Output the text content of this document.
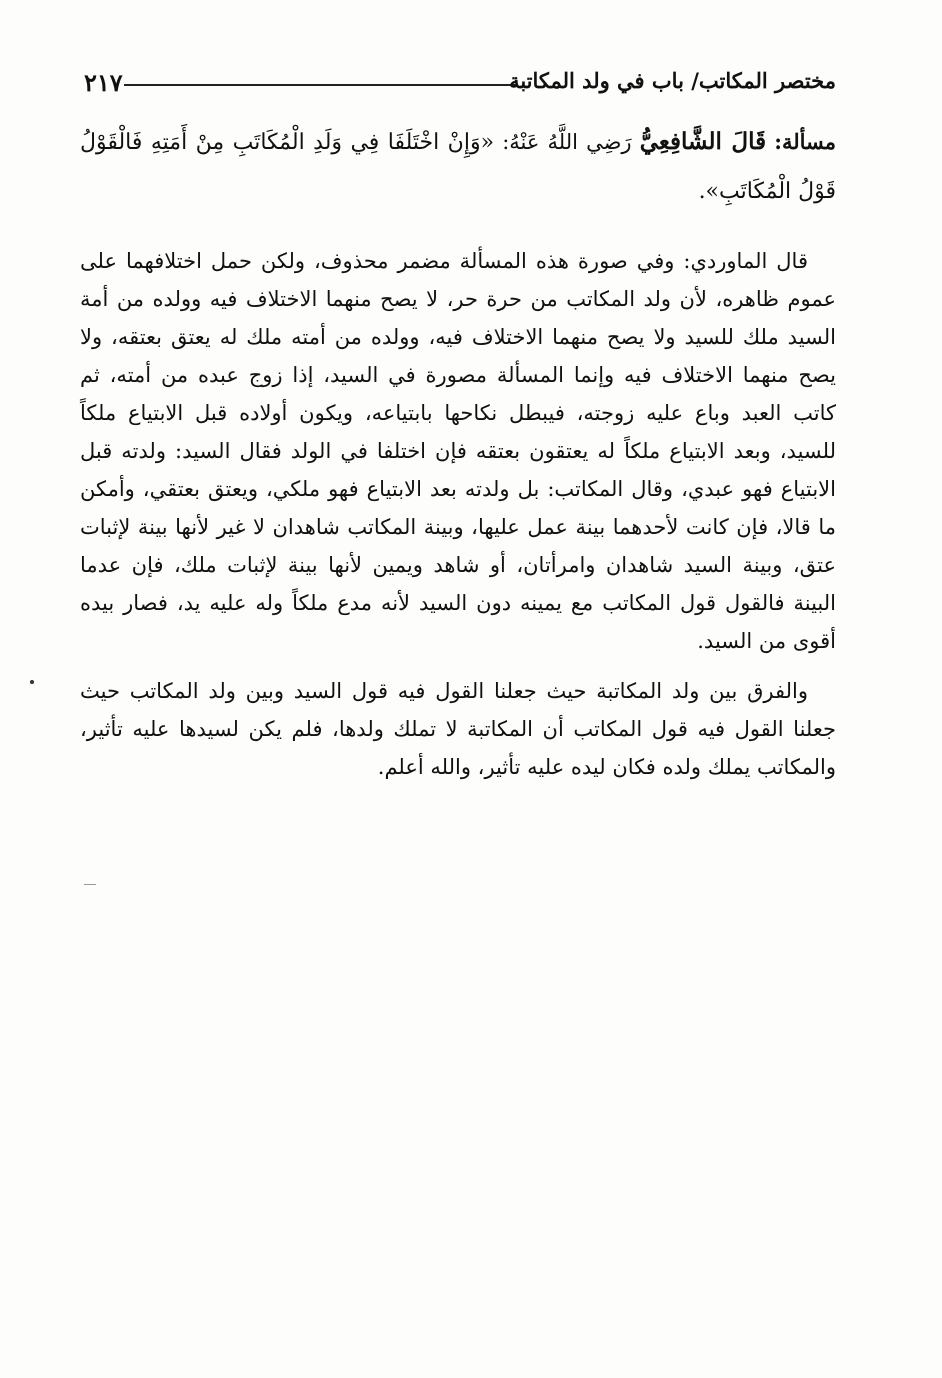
٢١٧	مختصر المكاتب/ باب في ولد المكاتبة

مسألة: قَالَ الشَّافِعِيُّ رَضِي اللَّهُ عَنْهُ: «وَإِنْ اخْتَلَفَا فِي وَلَدِ الْمُكَاتَبِ مِنْ أَمَتِهِ فَالْقَوْلُ قَوْلُ الْمُكَاتَبِ».

قال الماوردي: وفي صورة هذه المسألة مضمر محذوف، ولكن حمل اختلافهما على عموم ظاهره، لأن ولد المكاتب من حرة حر، لا يصح منهما الاختلاف فيه وولده من أمة السيد ملك للسيد ولا يصح منهما الاختلاف فيه، وولده من أمته ملك له يعتق بعتقه، ولا يصح منهما الاختلاف فيه وإنما المسألة مصورة في السيد، إذا زوج عبده من أمته، ثم كاتب العبد وباع عليه زوجته، فيبطل نكاحها بابتياعه، ويكون أولاده قبل الابتياع ملكاً للسيد، وبعد الابتياع ملكاً له يعتقون بعتقه فإن اختلفا في الولد فقال السيد: ولدته قبل الابتياع فهو عبدي، وقال المكاتب: بل ولدته بعد الابتياع فهو ملكي، ويعتق بعتقي، وأمكن ما قالا، فإن كانت لأحدهما بينة عمل عليها، وبينة المكاتب شاهدان لا غير لأنها بينة لإثبات عتق، وبينة السيد شاهدان وامرأتان، أو شاهد ويمين لأنها بينة لإثبات ملك، فإن عدما البينة فالقول قول المكاتب مع يمينه دون السيد لأنه مدع ملكاً وله عليه يد، فصار بيده أقوى من السيد.

والفرق بين ولد المكاتبة حيث جعلنا القول فيه قول السيد وبين ولد المكاتب حيث جعلنا القول فيه قول المكاتب أن المكاتبة لا تملك ولدها، فلم يكن لسيدها عليه تأثير، والمكاتب يملك ولده فكان ليده عليه تأثير، والله أعلم.
